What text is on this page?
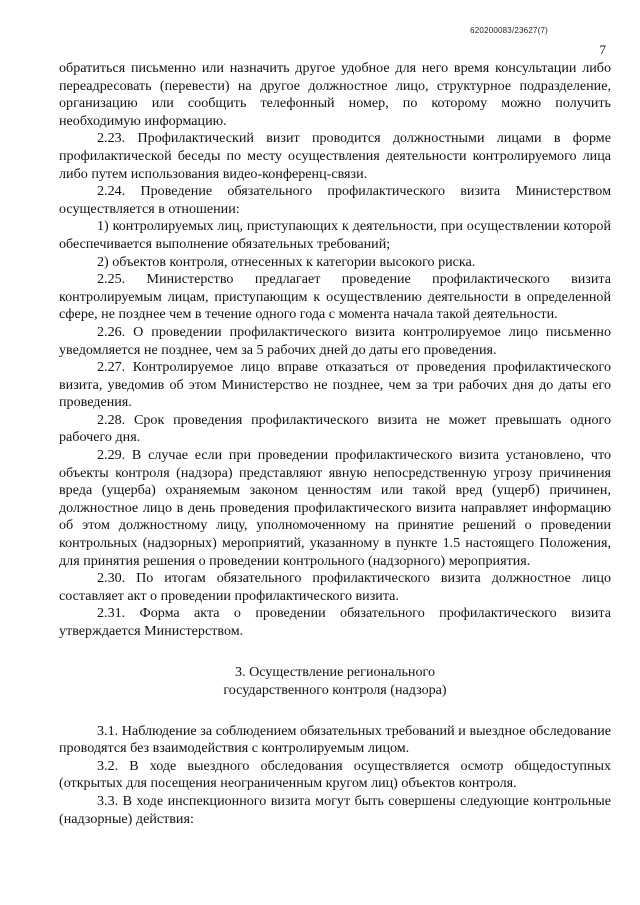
620200083/23627(7)
7

обратиться письменно или назначить другое удобное для него время консультации либо переадресовать (перевести) на другое должностное лицо, структурное подразделение, организацию или сообщить телефонный номер, по которому можно получить необходимую информацию.

2.23. Профилактический визит проводится должностными лицами в форме профилактической беседы по месту осуществления деятельности контролируемого лица либо путем использования видео-конференц-связи.

2.24. Проведение обязательного профилактического визита Министерством осуществляется в отношении:

1) контролируемых лиц, приступающих к деятельности, при осуществлении которой обеспечивается выполнение обязательных требований;

2) объектов контроля, отнесенных к категории высокого риска.

2.25. Министерство предлагает проведение профилактического визита контролируемым лицам, приступающим к осуществлению деятельности в определенной сфере, не позднее чем в течение одного года с момента начала такой деятельности.

2.26. О проведении профилактического визита контролируемое лицо письменно уведомляется не позднее, чем за 5 рабочих дней до даты его проведения.

2.27. Контролируемое лицо вправе отказаться от проведения профилактического визита, уведомив об этом Министерство не позднее, чем за три рабочих дня до даты его проведения.

2.28. Срок проведения профилактического визита не может превышать одного рабочего дня.

2.29. В случае если при проведении профилактического визита установлено, что объекты контроля (надзора) представляют явную непосредственную угрозу причинения вреда (ущерба) охраняемым законом ценностям или такой вред (ущерб) причинен, должностное лицо в день проведения профилактического визита направляет информацию об этом должностному лицу, уполномоченному на принятие решений о проведении контрольных (надзорных) мероприятий, указанному в пункте 1.5 настоящего Положения, для принятия решения о проведении контрольного (надзорного) мероприятия.

2.30. По итогам обязательного профилактического визита должностное лицо составляет акт о проведении профилактического визита.

2.31. Форма акта о проведении обязательного профилактического визита утверждается Министерством.

3. Осуществление регионального
государственного контроля (надзора)

3.1. Наблюдение за соблюдением обязательных требований и выездное обследование проводятся без взаимодействия с контролируемым лицом.

3.2. В ходе выездного обследования осуществляется осмотр общедоступных (открытых для посещения неограниченным кругом лиц) объектов контроля.

3.3. В ходе инспекционного визита могут быть совершены следующие контрольные (надзорные) действия:
